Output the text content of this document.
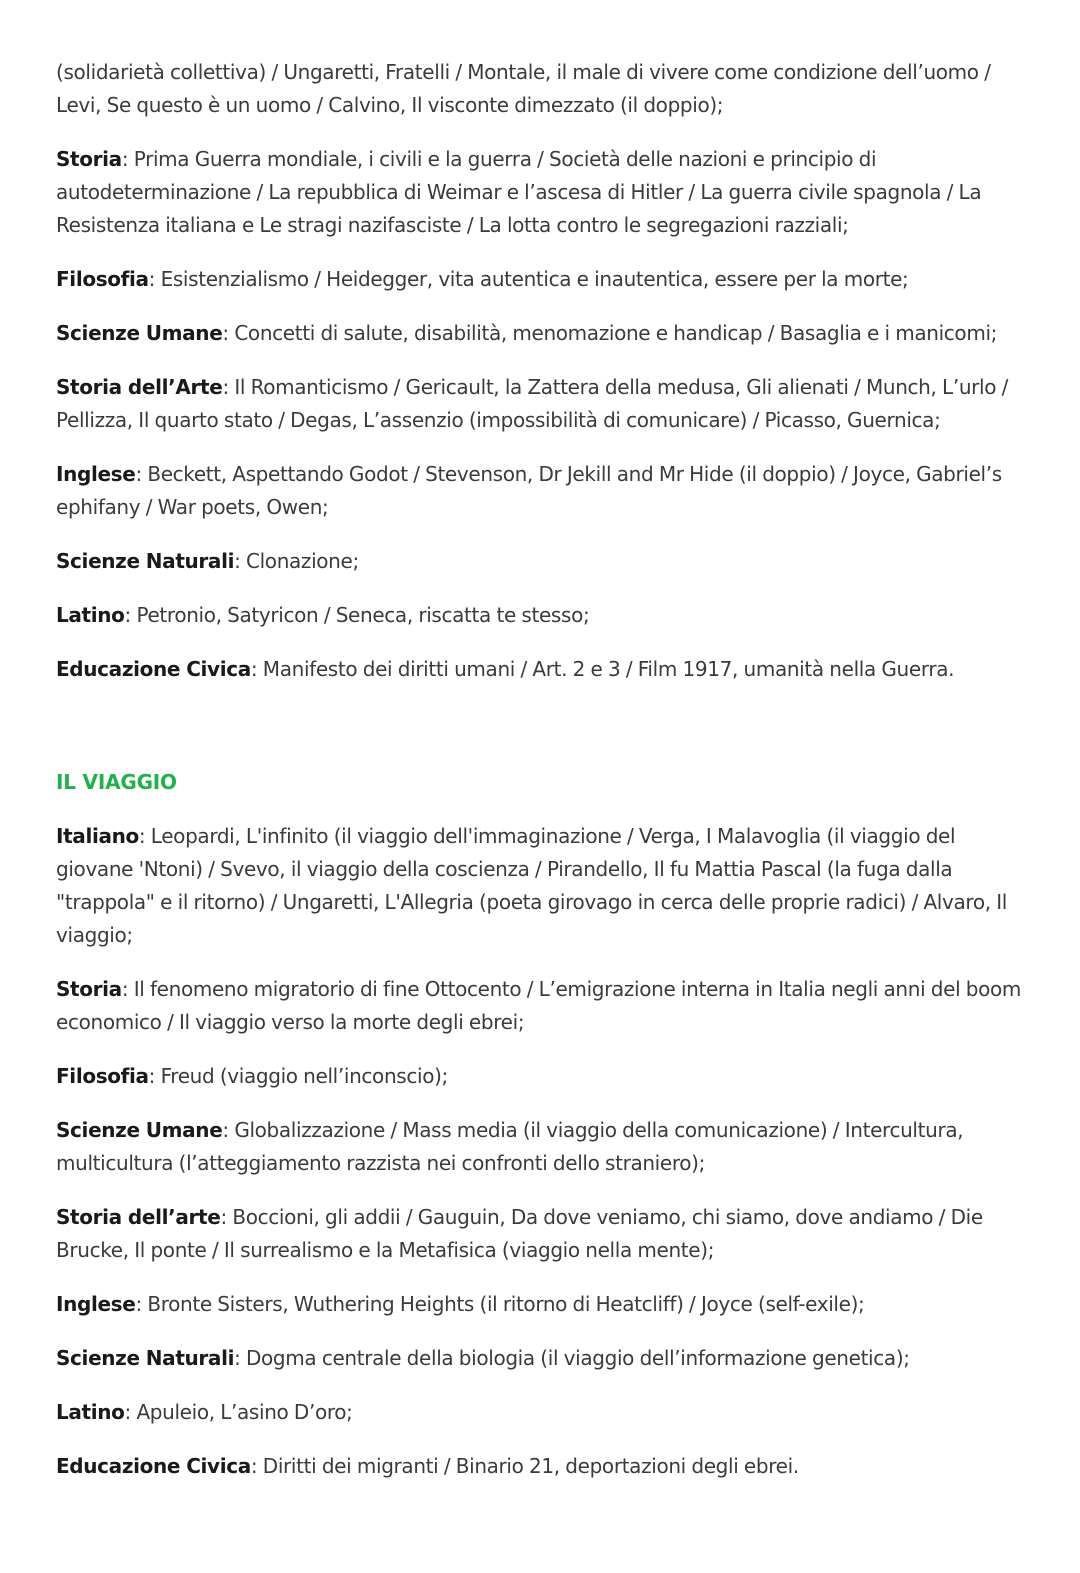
(solidarietà collettiva) / Ungaretti, Fratelli / Montale, il male di vivere come condizione dell’uomo / Levi, Se questo è un uomo / Calvino, Il visconte dimezzato (il doppio);

Storia: Prima Guerra mondiale, i civili e la guerra / Società delle nazioni e principio di autodeterminazione / La repubblica di Weimar e l’ascesa di Hitler / La guerra civile spagnola / La Resistenza italiana e Le stragi nazifasciste / La lotta contro le segregazioni razziali;

Filosofia: Esistenzialismo / Heidegger, vita autentica e inautentica, essere per la morte;

Scienze Umane: Concetti di salute, disabilità, menomazione e handicap / Basaglia e i manicomi;

Storia dell’Arte: Il Romanticismo / Gericault, la Zattera della medusa, Gli alienati / Munch, L’urlo / Pellizza, Il quarto stato / Degas, L’assenzio (impossibilità di comunicare) / Picasso, Guernica;

Inglese: Beckett, Aspettando Godot / Stevenson, Dr Jekill and Mr Hide (il doppio) / Joyce, Gabriel’s ephifany / War poets, Owen;

Scienze Naturali: Clonazione;

Latino: Petronio, Satyricon / Seneca, riscatta te stesso;

Educazione Civica: Manifesto dei diritti umani / Art. 2 e 3 / Film 1917, umanità nella Guerra.

IL VIAGGIO

Italiano: Leopardi, L'infinito (il viaggio dell'immaginazione / Verga, I Malavoglia (il viaggio del giovane 'Ntoni) / Svevo, il viaggio della coscienza / Pirandello, Il fu Mattia Pascal (la fuga dalla "trappola" e il ritorno) / Ungaretti, L'Allegria (poeta girovago in cerca delle proprie radici) / Alvaro, Il viaggio;

Storia: Il fenomeno migratorio di fine Ottocento / L’emigrazione interna in Italia negli anni del boom economico / Il viaggio verso la morte degli ebrei;

Filosofia: Freud (viaggio nell’inconscio);

Scienze Umane: Globalizzazione / Mass media (il viaggio della comunicazione) / Intercultura, multicultura (l’atteggiamento razzista nei confronti dello straniero);

Storia dell’arte: Boccioni, gli addii / Gauguin, Da dove veniamo, chi siamo, dove andiamo / Die Brucke, Il ponte / Il surrealismo e la Metafisica (viaggio nella mente);

Inglese: Bronte Sisters, Wuthering Heights (il ritorno di Heatcliff) / Joyce (self-exile);

Scienze Naturali: Dogma centrale della biologia (il viaggio dell’informazione genetica);

Latino: Apuleio, L’asino D’oro;

Educazione Civica: Diritti dei migranti / Binario 21, deportazioni degli ebrei.
